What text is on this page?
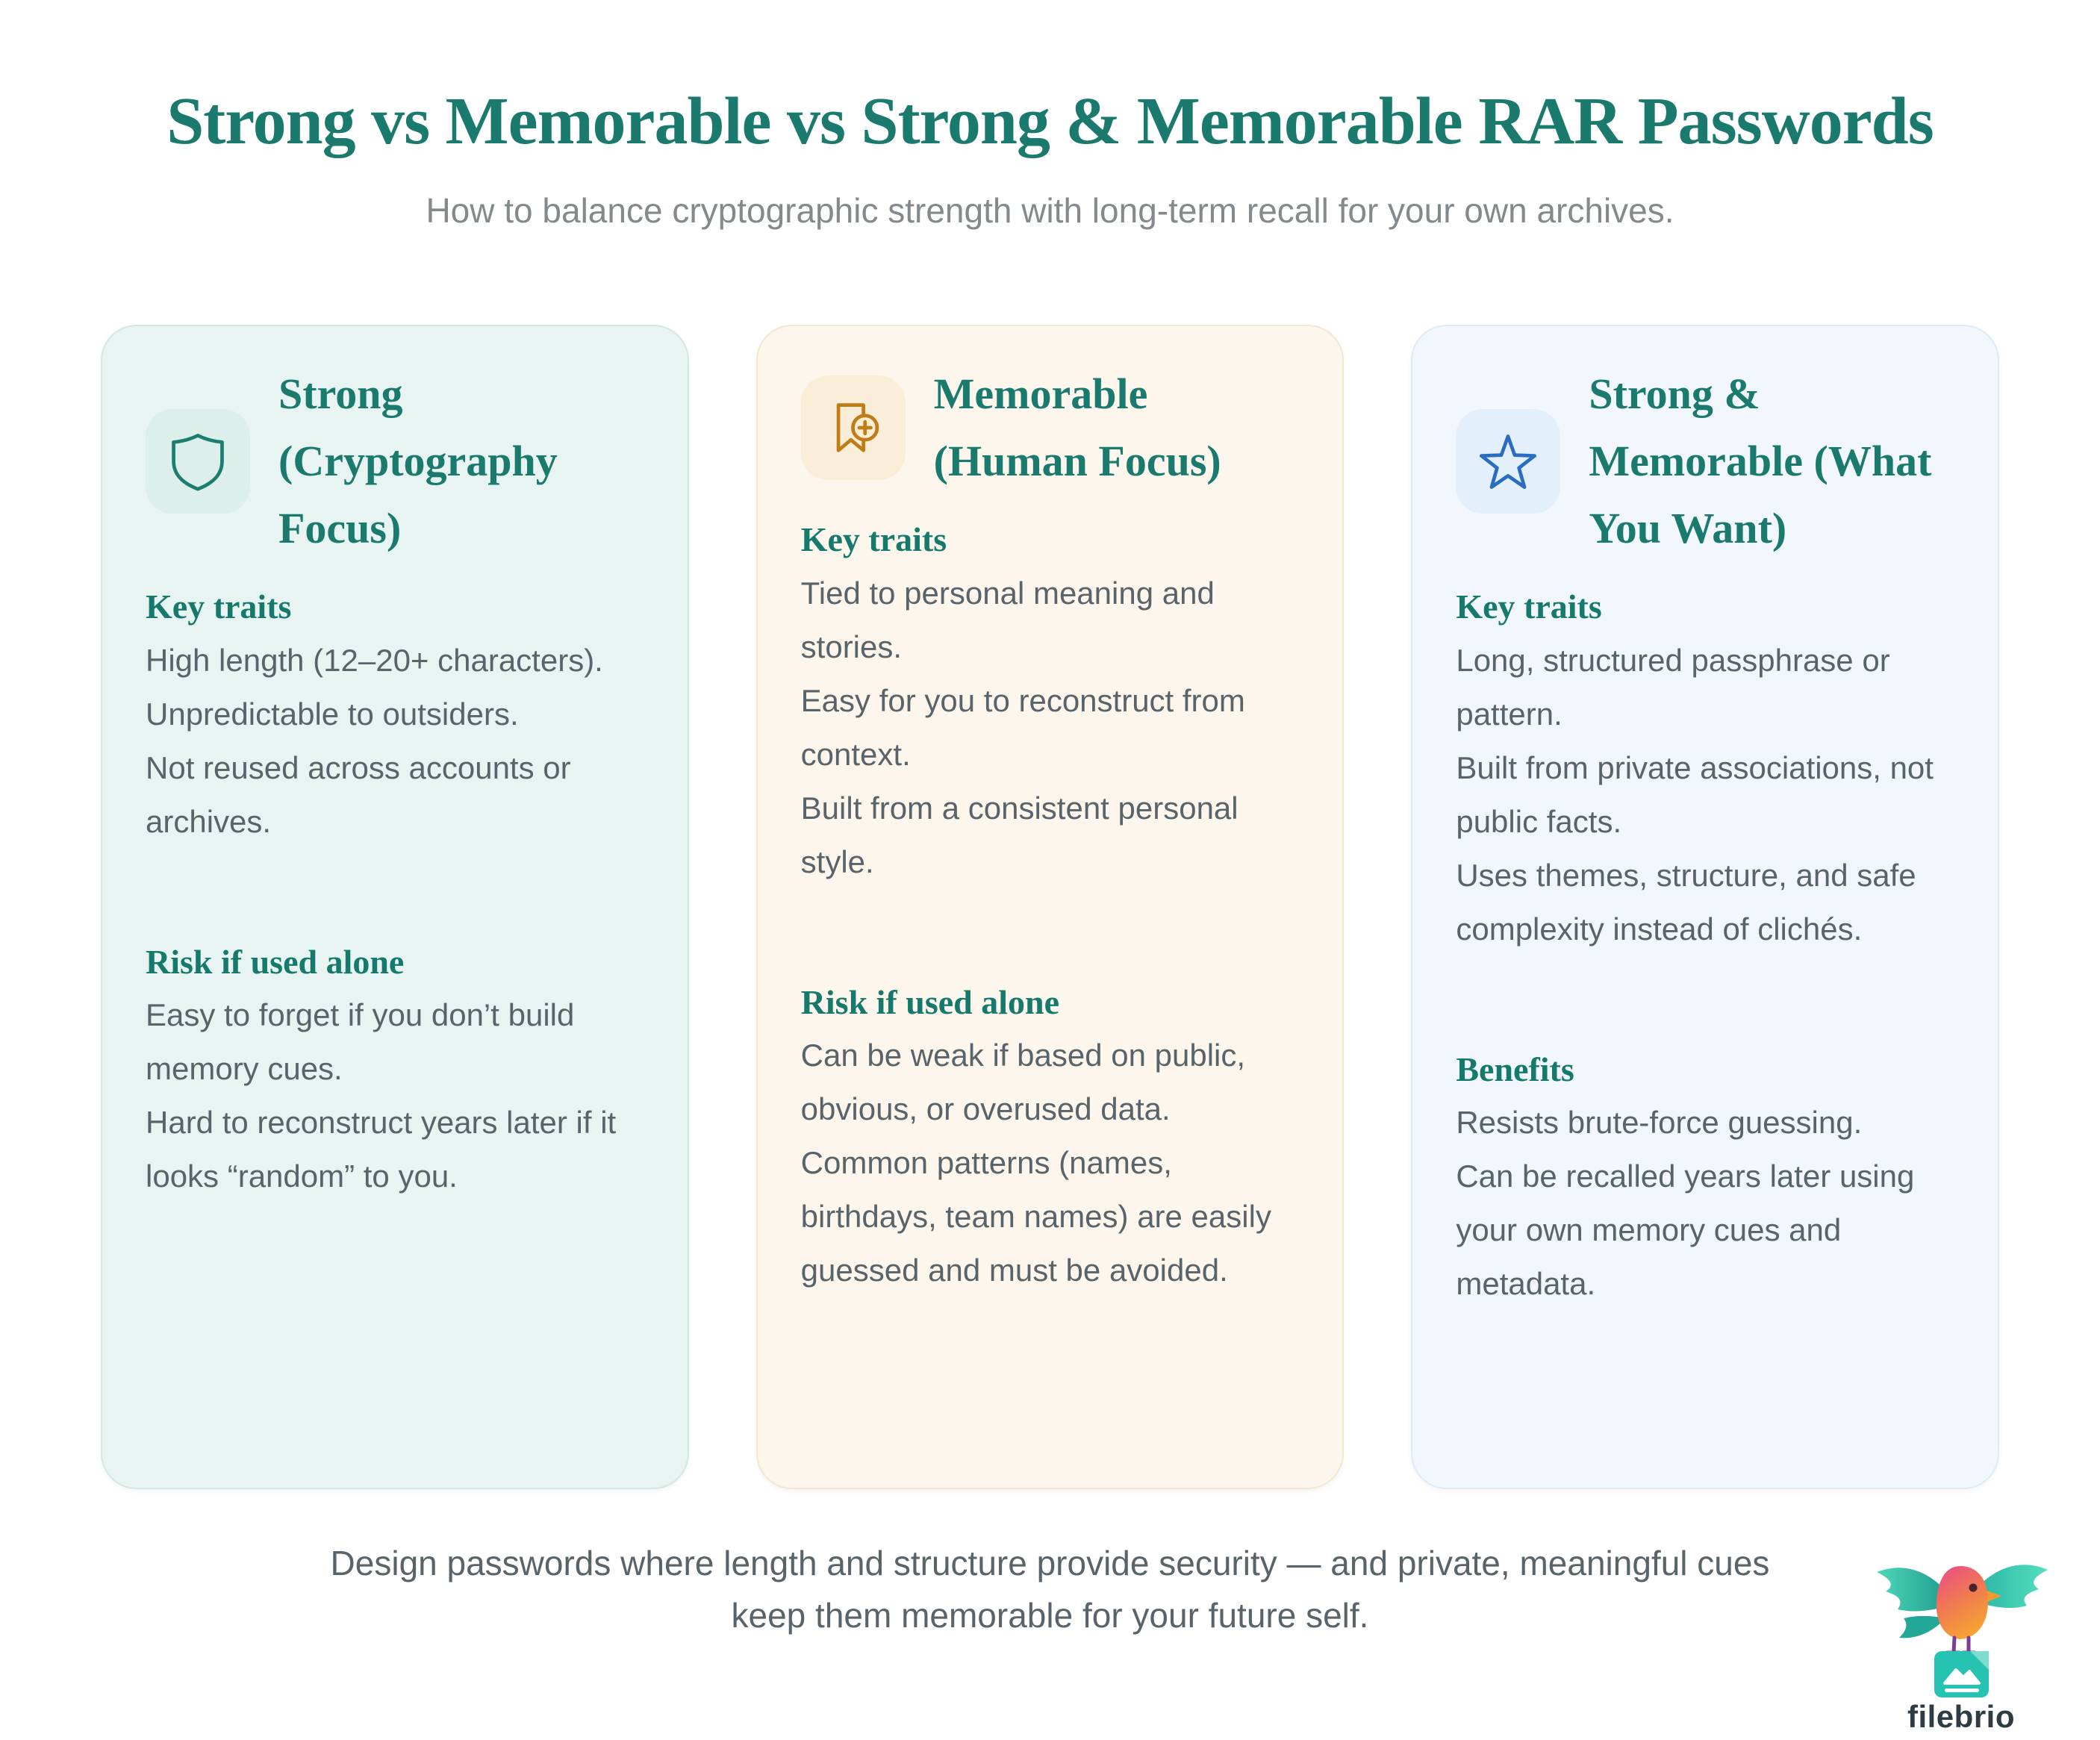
Strong vs Memorable vs Strong & Memorable RAR Passwords

How to balance cryptographic strength with long-term recall for your own archives.

Strong (Cryptography Focus)
Key traits

High length (12–20+ characters).

Unpredictable to outsiders.

Not reused across accounts or archives.

Risk if used alone

Easy to forget if you don’t build memory cues.

Hard to reconstruct years later if it looks “random” to you.

Memorable (Human Focus)
Key traits

Tied to personal meaning and stories.

Easy for you to reconstruct from context.

Built from a consistent personal style.

Risk if used alone

Can be weak if based on public, obvious, or overused data.

Common patterns (names, birthdays, team names) are easily guessed and must be avoided.

Strong & Memorable (What You Want)
Key traits

Long, structured passphrase or pattern.

Built from private associations, not public facts.

Uses themes, structure, and safe complexity instead of clichés.

Benefits

Resists brute-force guessing.

Can be recalled years later using your own memory cues and metadata.

Design passwords where length and structure provide security — and private, meaningful cues

keep them memorable for your future self.

filebrio
